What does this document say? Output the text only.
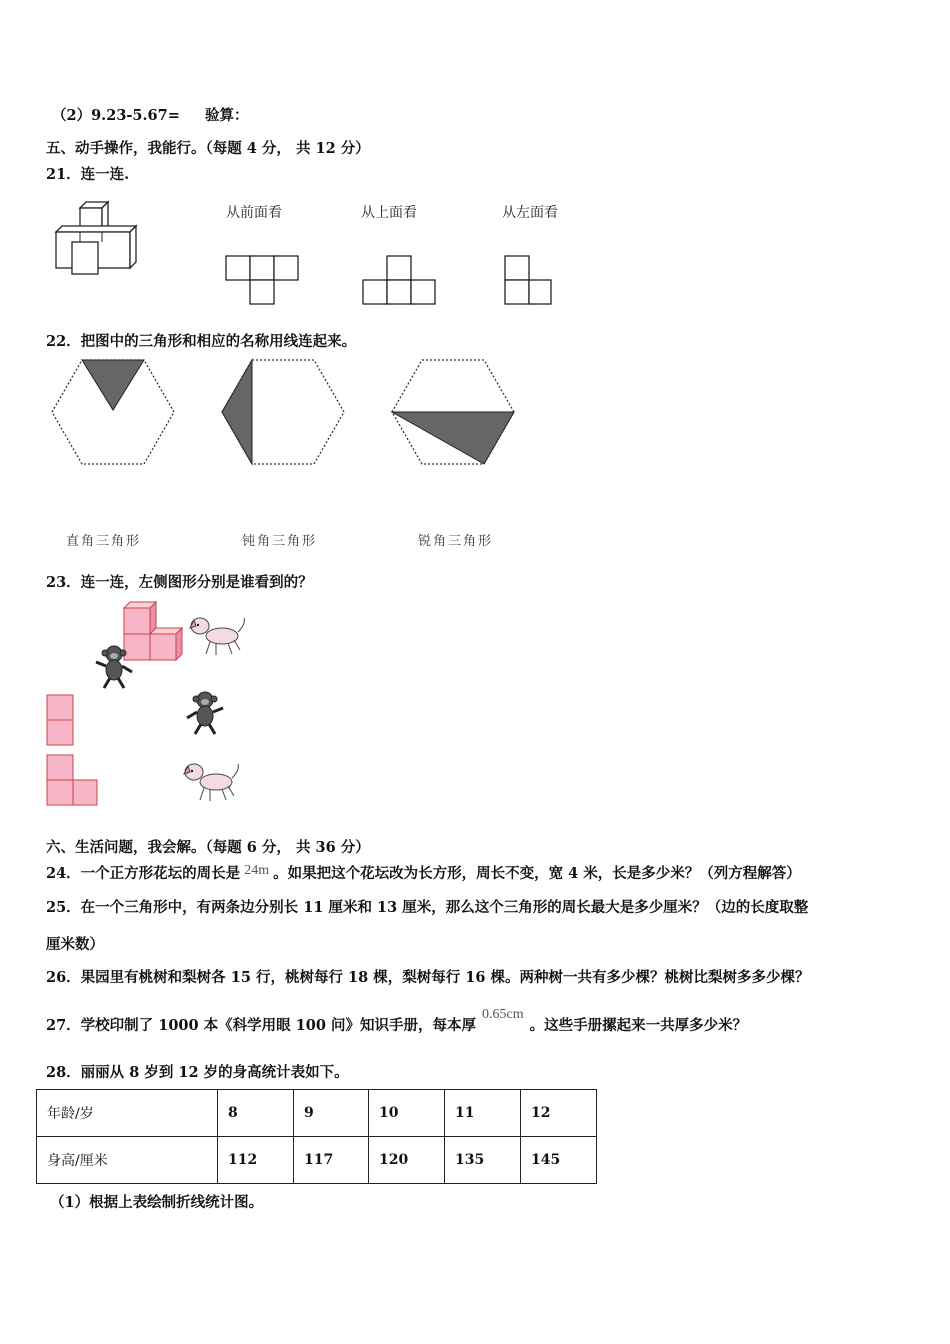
（2）9.23-5.67= 验算：
五、动手操作，我能行。（每题 4 分， 共 12 分）
21．连一连.
从前面看	从上面看	从左面看
22．把图中的三角形和相应的名称用线连起来。
直角三角形	钝角三角形	锐角三角形
23．连一连，左侧图形分别是谁看到的？
六、生活问题，我会解。（每题 6 分， 共 36 分）
24．一个正方形花坛的周长是 24m 。如果把这个花坛改为长方形，周长不变，宽 4 米，长是多少米？（列方程解答）
25．在一个三角形中，有两条边分别长 11 厘米和 13 厘米，那么这个三角形的周长最大是多少厘米？（边的长度取整
厘米数）
26．果园里有桃树和梨树各 15 行，桃树每行 18 棵，梨树每行 16 棵。两种树一共有多少棵？桃树比梨树多多少棵？
27．学校印制了 1000 本《科学用眼 100 问》知识手册，每本厚0.65cm。这些手册摞起来一共厚多少米？
28．丽丽从 8 岁到 12 岁的身高统计表如下。
年龄/岁	8	9	10	11	12
身高/厘米	112	117	120	135	145
（1）根据上表绘制折线统计图。
